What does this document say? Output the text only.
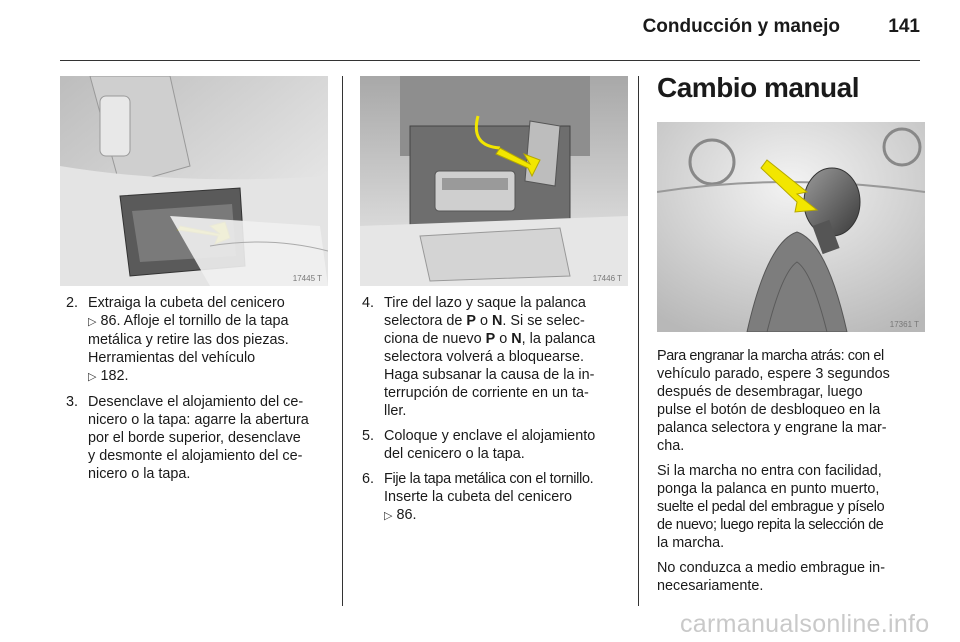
Conducción y manejo	141
17445 T	17446 T
17361 T
2. Extraiga la cubeta del cenicero
▷ 86. Afloje el tornillo de la tapa
metálica y retire las dos piezas.
Herramientas del vehículo
▷ 182.
3. Desenclave el alojamiento del ce-
nicero o la tapa: agarre la abertura
por el borde superior, desenclave
y desmonte el alojamiento del ce-
nicero o la tapa.
4. Tire del lazo y saque la palanca
selectora de P o N. Si se selec-
ciona de nuevo P o N, la palanca
selectora volverá a bloquearse.
Haga subsanar la causa de la in-
terrupción de corriente en un ta-
ller.
5. Coloque y enclave el alojamiento
del cenicero o la tapa.
6. Fije la tapa metálica con el tornillo.
Inserte la cubeta del cenicero
▷ 86.
Cambio manual

Para engranar la marcha atrás: con el
vehículo parado, espere 3 segundos
después de desembragar, luego
pulse el botón de desbloqueo en la
palanca selectora y engrane la mar-
cha.

Si la marcha no entra con facilidad,
ponga la palanca en punto muerto,
suelte el pedal del embrague y píselo
de nuevo; luego repita la selección de
la marcha.

No conduzca a medio embrague in-
necesariamente.

carmanualsonline.info
